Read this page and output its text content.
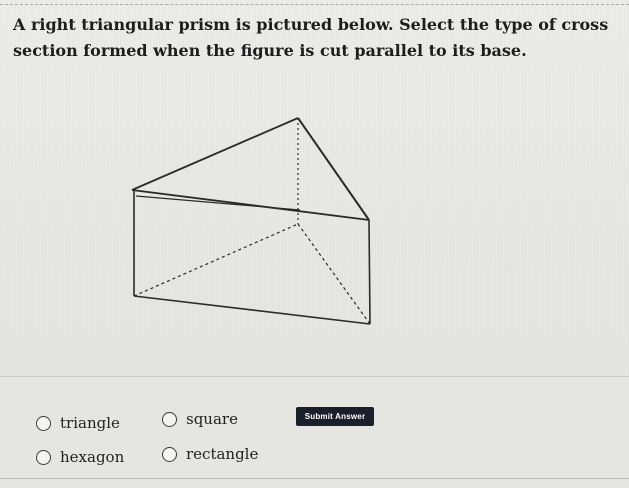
A right triangular prism is pictured below. Select the type of cross section formed when the figure is cut parallel to its base.

triangle	square
hexagon	rectangle
Submit Answer
